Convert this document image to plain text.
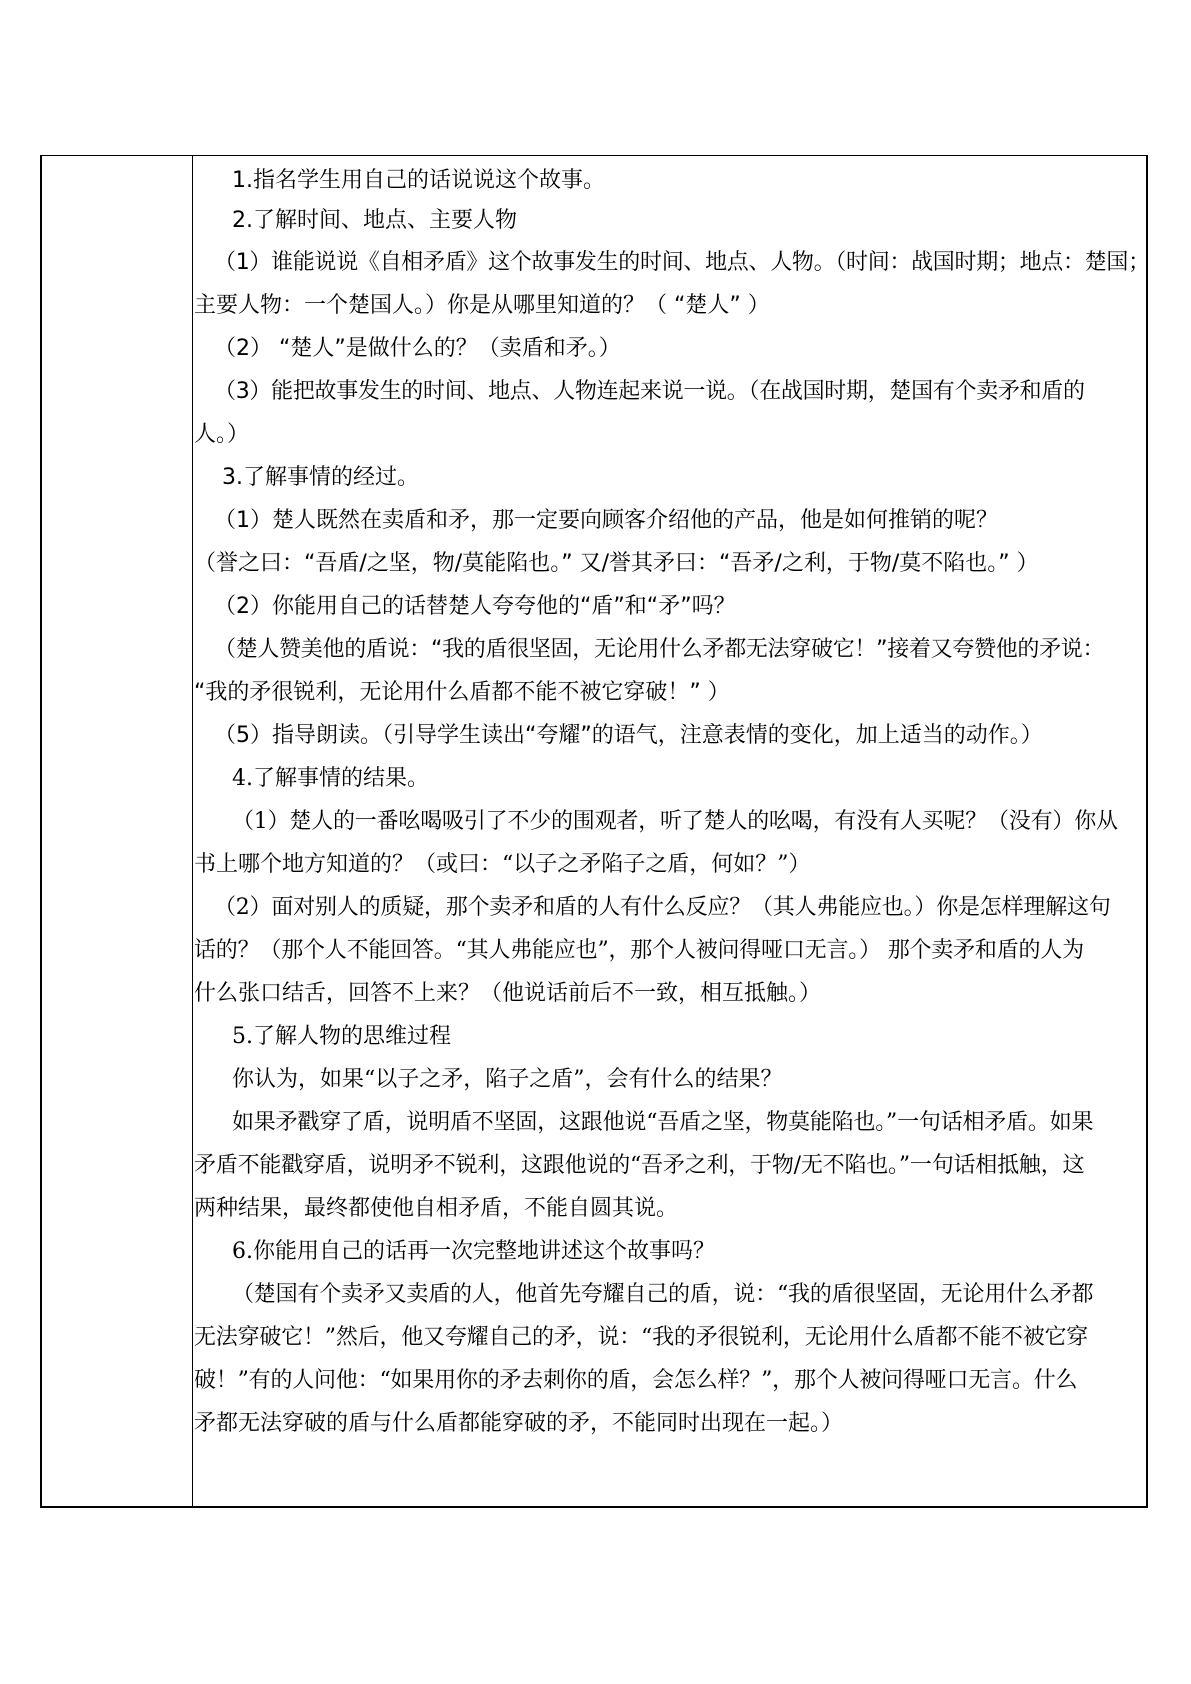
1.指名学生用自己的话说说这个故事。
2.了解时间、地点、主要人物
（1）谁能说说《自相矛盾》这个故事发生的时间、地点、人物。（时间：战国时期；地点：楚国；
主要人物：一个楚国人。）你是从哪里知道的？（ “楚人” ）
（2） “楚人”是做什么的？（卖盾和矛。）
（3）能把故事发生的时间、地点、人物连起来说一说。（在战国时期，楚国有个卖矛和盾的
人。）
3.了解事情的经过。
（1）楚人既然在卖盾和矛，那一定要向顾客介绍他的产品，他是如何推销的呢？
（誉之曰：“吾盾/之坚，物/莫能陷也。” 又/誉其矛曰：“吾矛/之利，于物/莫不陷也。” ）
（2）你能用自己的话替楚人夸夸他的“盾”和“矛”吗？
（楚人赞美他的盾说：“我的盾很坚固，无论用什么矛都无法穿破它！”接着又夸赞他的矛说：
“我的矛很锐利，无论用什么盾都不能不被它穿破！” ）
（5）指导朗读。（引导学生读出“夸耀”的语气，注意表情的变化，加上适当的动作。）
4.了解事情的结果。
（1）楚人的一番吆喝吸引了不少的围观者，听了楚人的吆喝，有没有人买呢？（没有）你从
书上哪个地方知道的？（或曰：“以子之矛陷子之盾，何如？”）
（2）面对别人的质疑，那个卖矛和盾的人有什么反应？（其人弗能应也。）你是怎样理解这句
话的？（那个人不能回答。“其人弗能应也”，那个人被问得哑口无言。） 那个卖矛和盾的人为
什么张口结舌，回答不上来？（他说话前后不一致，相互抵触。）
5.了解人物的思维过程
你认为，如果“以子之矛，陷子之盾”，会有什么的结果？
如果矛戳穿了盾，说明盾不坚固，这跟他说“吾盾之坚，物莫能陷也。”一句话相矛盾。如果
矛盾不能戳穿盾，说明矛不锐利，这跟他说的“吾矛之利，于物/无不陷也。”一句话相抵触，这
两种结果，最终都使他自相矛盾，不能自圆其说。
6.你能用自己的话再一次完整地讲述这个故事吗？
（楚国有个卖矛又卖盾的人，他首先夸耀自己的盾，说：“我的盾很坚固，无论用什么矛都
无法穿破它！”然后，他又夸耀自己的矛，说：“我的矛很锐利，无论用什么盾都不能不被它穿
破！”有的人问他：“如果用你的矛去刺你的盾，会怎么样？”，那个人被问得哑口无言。什么
矛都无法穿破的盾与什么盾都能穿破的矛，不能同时出现在一起。）
